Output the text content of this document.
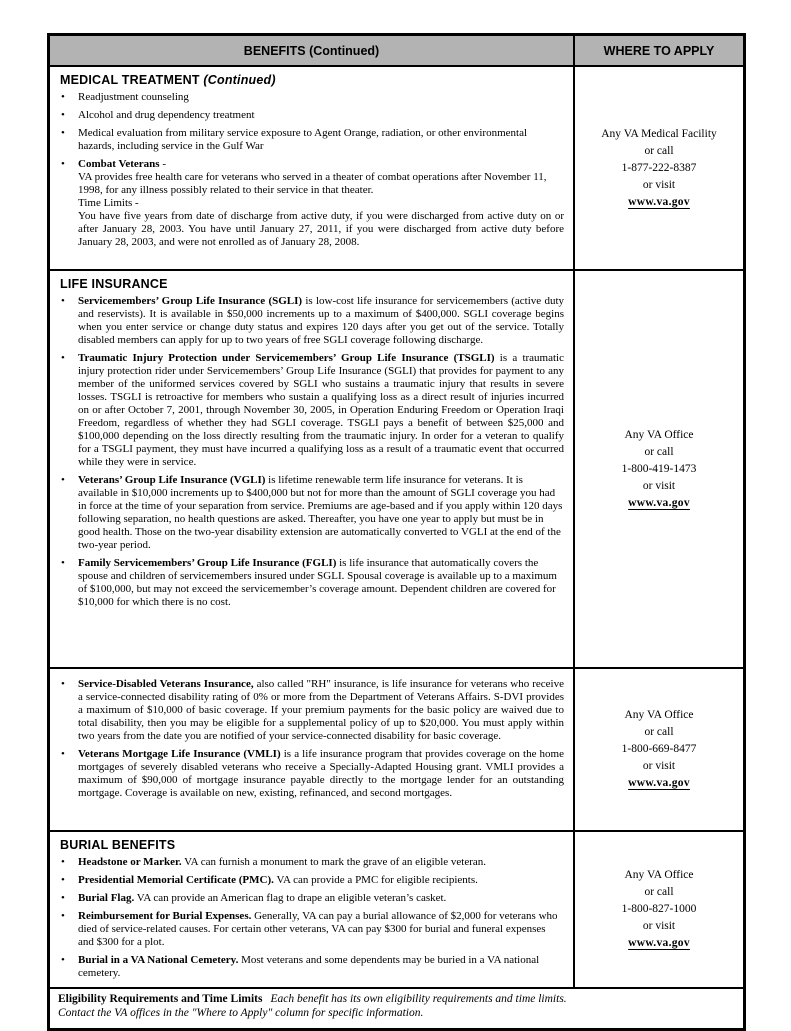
BENEFITS (Continued)	WHERE TO APPLY
MEDICAL TREATMENT (Continued)
•	Readjustment counseling
•	Alcohol and drug dependency treatment
•	Medical evaluation from military service exposure to Agent Orange, radiation, or other environmental hazards, including service in the Gulf War
•	Combat Veterans -
VA provides free health care for veterans who served in a theater of combat operations after November 11, 1998, for any illness possibly related to their service in that theater.
Time Limits -
You have five years from date of discharge from active duty, if you were discharged from active duty on or after January 28, 2003. You have until January 27, 2011, if you were discharged from active duty before January 28, 2003, and were not enrolled as of January 28, 2008.
Any VA Medical Facility
or call
1-877-222-8387
or visit
www.va.gov
LIFE INSURANCE
•	Servicemembers’ Group Life Insurance (SGLI) is low-cost life insurance for servicemembers (active duty and reservists). It is available in $50,000 increments up to a maximum of $400,000. SGLI coverage begins when you enter service or change duty status and expires 120 days after you get out of the service. Totally disabled members can apply for up to two years of free SGLI coverage following discharge.
•	Traumatic Injury Protection under Servicemembers’ Group Life Insurance (TSGLI) is a traumatic injury protection rider under Servicemembers’ Group Life Insurance (SGLI) that provides for payment to any member of the uniformed services covered by SGLI who sustains a traumatic injury that results in severe losses. TSGLI is retroactive for members who sustain a qualifying loss as a direct result of injuries incurred on or after October 7, 2001, through November 30, 2005, in Operation Enduring Freedom or Operation Iraqi Freedom, regardless of whether they had SGLI coverage. TSGLI pays a benefit of between $25,000 and $100,000 depending on the loss directly resulting from the traumatic injury. In order for a veteran to qualify for a TSGLI payment, they must have incurred a qualifying loss as a result of a traumatic event that occurred while they were in service.
•	Veterans’ Group Life Insurance (VGLI) is lifetime renewable term life insurance for veterans. It is available in $10,000 increments up to $400,000 but not for more than the amount of SGLI coverage you had in force at the time of your separation from service. Premiums are age-based and if you apply within 120 days following separation, no health questions are asked. Thereafter, you have one year to apply but must be in good health. Those on the two-year disability extension are automatically converted to VGLI at the end of the two-year period.
•	Family Servicemembers’ Group Life Insurance (FGLI) is life insurance that automatically covers the spouse and children of servicemembers insured under SGLI. Spousal coverage is available up to a maximum of $100,000, but may not exceed the servicemember’s coverage amount. Dependent children are covered for $10,000 for which there is no cost.
Any VA Office
or call
1-800-419-1473
or visit
www.va.gov
•	Service-Disabled Veterans Insurance, also called "RH" insurance, is life insurance for veterans who receive a service-connected disability rating of 0% or more from the Department of Veterans Affairs. S-DVI provides a maximum of $10,000 of basic coverage. If your premium payments for the basic policy are waived due to total disability, then you may be eligible for a supplemental policy of up to $20,000. You must apply within two years from the date you are notified of your service-connected disability for basic coverage.
•	Veterans Mortgage Life Insurance (VMLI) is a life insurance program that provides coverage on the home mortgages of severely disabled veterans who receive a Specially-Adapted Housing grant. VMLI provides a maximum of $90,000 of mortgage insurance payable directly to the mortgage lender for an outstanding mortgage. Coverage is available on new, existing, refinanced, and second mortgages.
Any VA Office
or call
1-800-669-8477
or visit
www.va.gov
BURIAL BENEFITS
•	Headstone or Marker. VA can furnish a monument to mark the grave of an eligible veteran.
•	Presidential Memorial Certificate (PMC). VA can provide a PMC for eligible recipients.
•	Burial Flag. VA can provide an American flag to drape an eligible veteran’s casket.
•	Reimbursement for Burial Expenses. Generally, VA can pay a burial allowance of $2,000 for veterans who died of service-related causes. For certain other veterans, VA can pay $300 for burial and funeral expenses and $300 for a plot.
•	Burial in a VA National Cemetery. Most veterans and some dependents may be buried in a VA national cemetery.
Any VA Office
or call
1-800-827-1000
or visit
www.va.gov
Eligibility Requirements and Time Limits Each benefit has its own eligibility requirements and time limits.
Contact the VA offices in the "Where to Apply" column for specific information.
